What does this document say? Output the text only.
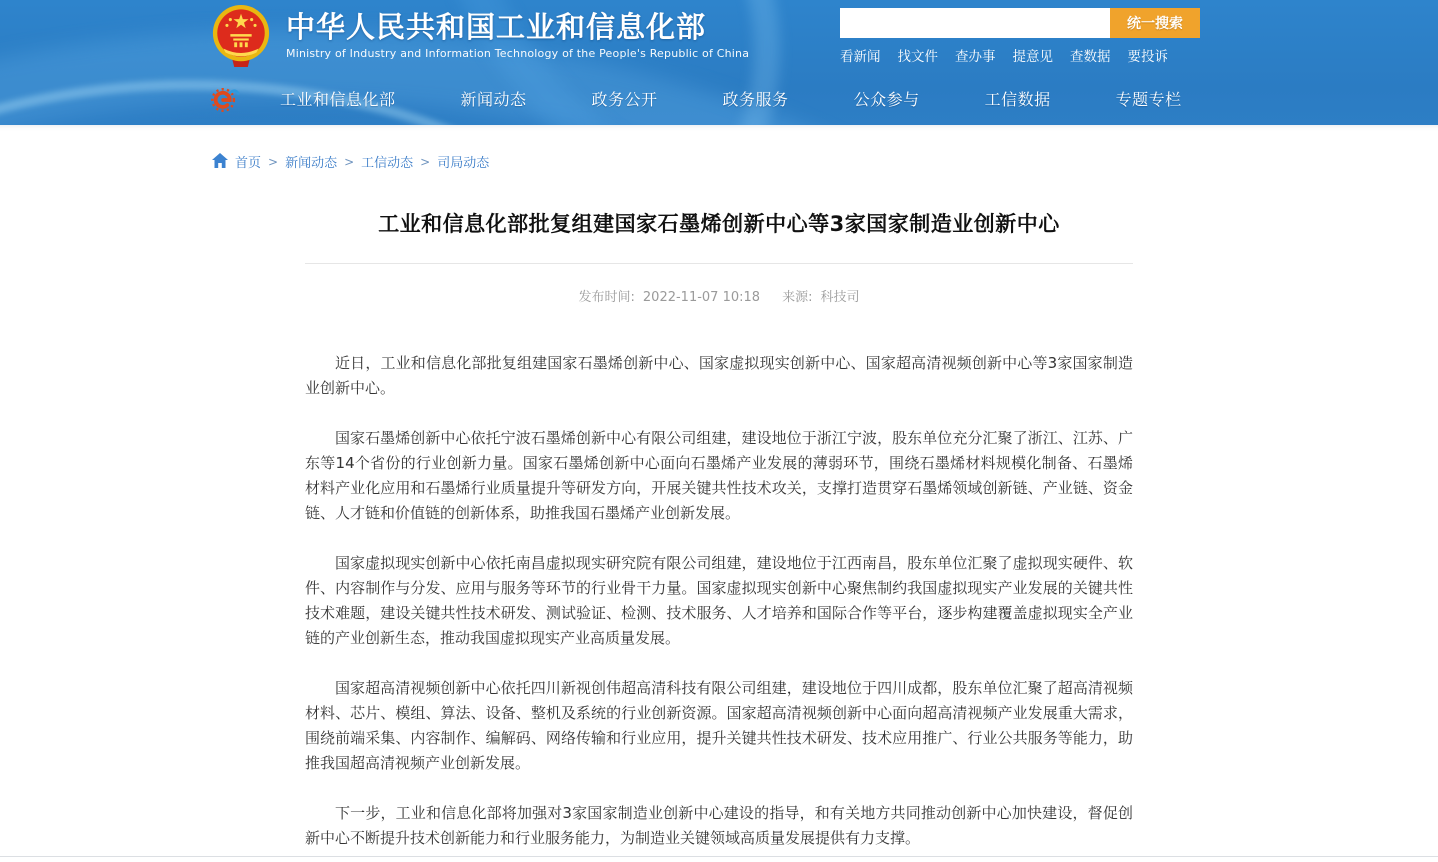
中华人民共和国工业和信息化部
Ministry of Industry and Information Technology of the People's Republic of China
统一搜索
看新闻 找文件 查办事 提意见 查数据 要投诉
工业和信息化部	新闻动态	政务公开	政务服务	公众参与	工信数据	专题专栏
首页 > 新闻动态 > 工信动态 > 司局动态
工业和信息化部批复组建国家石墨烯创新中心等3家国家制造业创新中心
发布时间: 2022-11-07 10:18 来源: 科技司

近日，工业和信息化部批复组建国家石墨烯创新中心、国家虚拟现实创新中心、国家超高清视频创新中心等3家国家制造业创新中心。

国家石墨烯创新中心依托宁波石墨烯创新中心有限公司组建，建设地位于浙江宁波，股东单位充分汇聚了浙江、江苏、广东等14个省份的行业创新力量。国家石墨烯创新中心面向石墨烯产业发展的薄弱环节，围绕石墨烯材料规模化制备、石墨烯材料产业化应用和石墨烯行业质量提升等研发方向，开展关键共性技术攻关，支撑打造贯穿石墨烯领域创新链、产业链、资金链、人才链和价值链的创新体系，助推我国石墨烯产业创新发展。

国家虚拟现实创新中心依托南昌虚拟现实研究院有限公司组建，建设地位于江西南昌，股东单位汇聚了虚拟现实硬件、软件、内容制作与分发、应用与服务等环节的行业骨干力量。国家虚拟现实创新中心聚焦制约我国虚拟现实产业发展的关键共性技术难题，建设关键共性技术研发、测试验证、检测、技术服务、人才培养和国际合作等平台，逐步构建覆盖虚拟现实全产业链的产业创新生态，推动我国虚拟现实产业高质量发展。

国家超高清视频创新中心依托四川新视创伟超高清科技有限公司组建，建设地位于四川成都，股东单位汇聚了超高清视频材料、芯片、模组、算法、设备、整机及系统的行业创新资源。国家超高清视频创新中心面向超高清视频产业发展重大需求，围绕前端采集、内容制作、编解码、网络传输和行业应用，提升关键共性技术研发、技术应用推广、行业公共服务等能力，助推我国超高清视频产业创新发展。

下一步，工业和信息化部将加强对3家国家制造业创新中心建设的指导，和有关地方共同推动创新中心加快建设，督促创新中心不断提升技术创新能力和行业服务能力，为制造业关键领域高质量发展提供有力支撑。
